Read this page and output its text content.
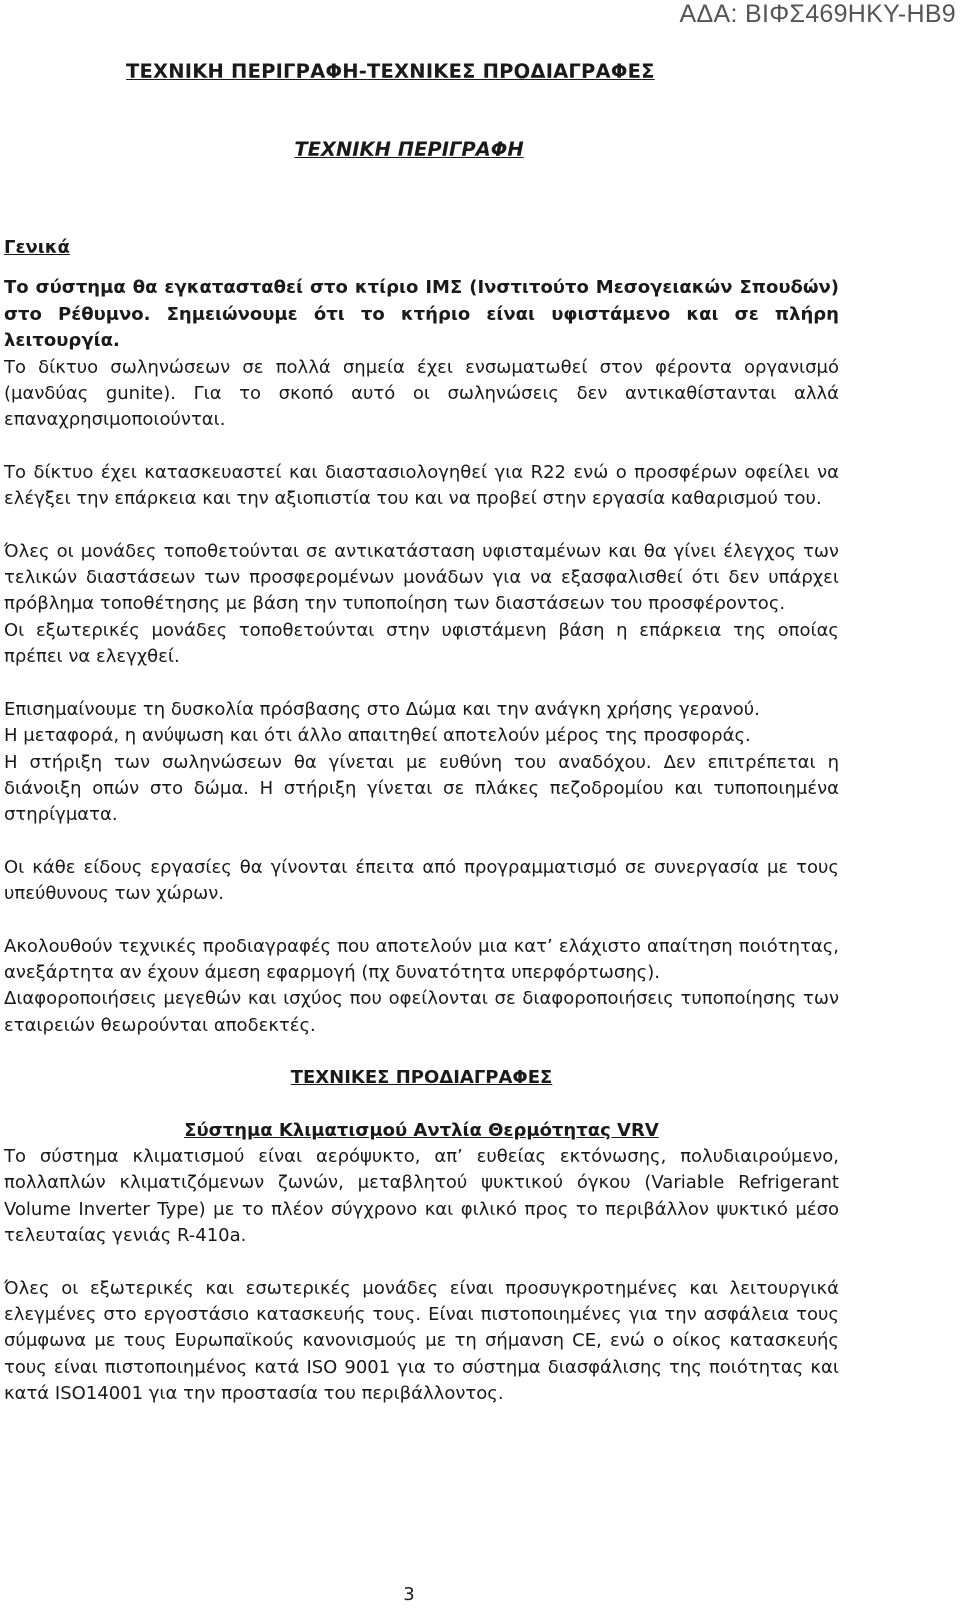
ΑΔΑ: ΒΙΦΣ469ΗΚΥ-ΗΒ9
ΤΕΧΝΙΚΗ ΠΕΡΙΓΡΑΦΗ-ΤΕΧΝΙΚΕΣ ΠΡΟΔΙΑΓΡΑΦΕΣ
ΤΕΧΝΙΚΗ ΠΕΡΙΓΡΑΦΗ

Γενικά

Το σύστημα θα εγκατασταθεί στο κτίριο ΙΜΣ (Ινστιτούτο Μεσογειακών Σπουδών) στο Ρέθυμνο. Σημειώνουμε ότι το κτήριο είναι υφιστάμενο και σε πλήρη λειτουργία.

Το δίκτυο σωληνώσεων σε πολλά σημεία έχει ενσωματωθεί στον φέροντα οργανισμό (μανδύας gunite). Για το σκοπό αυτό οι σωληνώσεις δεν αντικαθίστανται αλλά επαναχρησιμοποιούνται.

Το δίκτυο έχει κατασκευαστεί και διαστασιολογηθεί για R22 ενώ ο προσφέρων οφείλει να ελέγξει την επάρκεια και την αξιοπιστία του και να προβεί στην εργασία καθαρισμού του.

Όλες οι μονάδες τοποθετούνται σε αντικατάσταση υφισταμένων και θα γίνει έλεγχος των τελικών διαστάσεων των προσφερομένων μονάδων για να εξασφαλισθεί ότι δεν υπάρχει πρόβλημα τοποθέτησης με βάση την τυποποίηση των διαστάσεων του προσφέροντος.

Οι εξωτερικές μονάδες τοποθετούνται στην υφιστάμενη βάση η επάρκεια της οποίας πρέπει να ελεγχθεί.

Επισημαίνουμε τη δυσκολία πρόσβασης στο Δώμα και την ανάγκη χρήσης γερανού.

Η μεταφορά, η ανύψωση και ότι άλλο απαιτηθεί αποτελούν μέρος της προσφοράς.

Η στήριξη των σωληνώσεων θα γίνεται με ευθύνη του αναδόχου. Δεν επιτρέπεται η διάνοιξη οπών στο δώμα. Η στήριξη γίνεται σε πλάκες πεζοδρομίου και τυποποιημένα στηρίγματα.

Οι κάθε είδους εργασίες θα γίνονται έπειτα από προγραμματισμό σε συνεργασία με τους υπεύθυνους των χώρων.

Ακολουθούν τεχνικές προδιαγραφές που αποτελούν μια κατ’ ελάχιστο απαίτηση ποιότητας, ανεξάρτητα αν έχουν άμεση εφαρμογή (πχ δυνατότητα υπερφόρτωσης).

Διαφοροποιήσεις μεγεθών και ισχύος που οφείλονται σε διαφοροποιήσεις τυποποίησης των εταιρειών θεωρούνται αποδεκτές.

ΤΕΧΝΙΚΕΣ ΠΡΟΔΙΑΓΡΑΦΕΣ

Σύστημα Κλιματισμού Αντλία Θερμότητας VRV

Το σύστημα κλιματισμού είναι αερόψυκτο, απ’ ευθείας εκτόνωσης, πολυδιαιρούμενο, πολλαπλών κλιματιζόμενων ζωνών, μεταβλητού ψυκτικού όγκου (Variable Refrigerant Volume Inverter Type) με το πλέον σύγχρονο και φιλικό προς το περιβάλλον ψυκτικό μέσο τελευταίας γενιάς R-410a.

Όλες οι εξωτερικές και εσωτερικές μονάδες είναι προσυγκροτημένες και λειτουργικά ελεγμένες στο εργοστάσιο κατασκευής τους. Είναι πιστοποιημένες για την ασφάλεια τους σύμφωνα με τους Ευρωπαϊκούς κανονισμούς με τη σήμανση CE, ενώ ο οίκος κατασκευής τους είναι πιστοποιημένος κατά ISO 9001 για το σύστημα διασφάλισης της ποιότητας και κατά ISO14001 για την προστασία του περιβάλλοντος.

3
